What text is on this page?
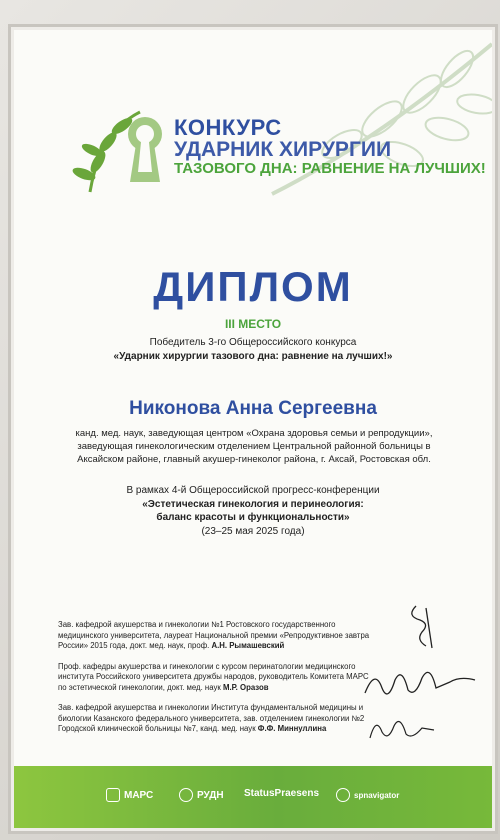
КОНКУРС
УДАРНИК ХИРУРГИИ
ТАЗОВОГО ДНА: РАВНЕНИЕ НА ЛУЧШИХ!
ДИПЛОМ
III МЕСТО
Победитель 3-го Общероссийского конкурса
«Ударник хирургии тазового дна: равнение на лучших!»
Никонова Анна Сергеевна
канд. мед. наук, заведующая центром «Охрана здоровья семьи и репродукции», заведующая гинекологическим отделением Центральной районной больницы в Аксайском районе, главный акушер-гинеколог района, г. Аксай, Ростовская обл.
В рамках 4-й Общероссийской прогресс-конференции
«Эстетическая гинекология и перинеология:
баланс красоты и функциональности»
(23–25 мая 2025 года)

Зав. кафедрой акушерства и гинекологии №1 Ростовского государственного медицинского университета, лауреат Национальной премии «Репродуктивное завтра России» 2015 года, докт. мед. наук, проф. А.Н. Рымашевский

Проф. кафедры акушерства и гинекологии с курсом перинатологии медицинского института Российского университета дружбы народов, руководитель Комитета МАРС по эстетической гинекологии, докт. мед. наук М.Р. Оразов

Зав. кафедрой акушерства и гинекологии Института фундаментальной медицины и биологии Казанского федерального университета, зав. отделением гинекологии №2 Городской клинической больницы №7, канд. мед. наук Ф.Ф. Миннуллина

МАРС	РУДН StatusPraesens	spnavigator
